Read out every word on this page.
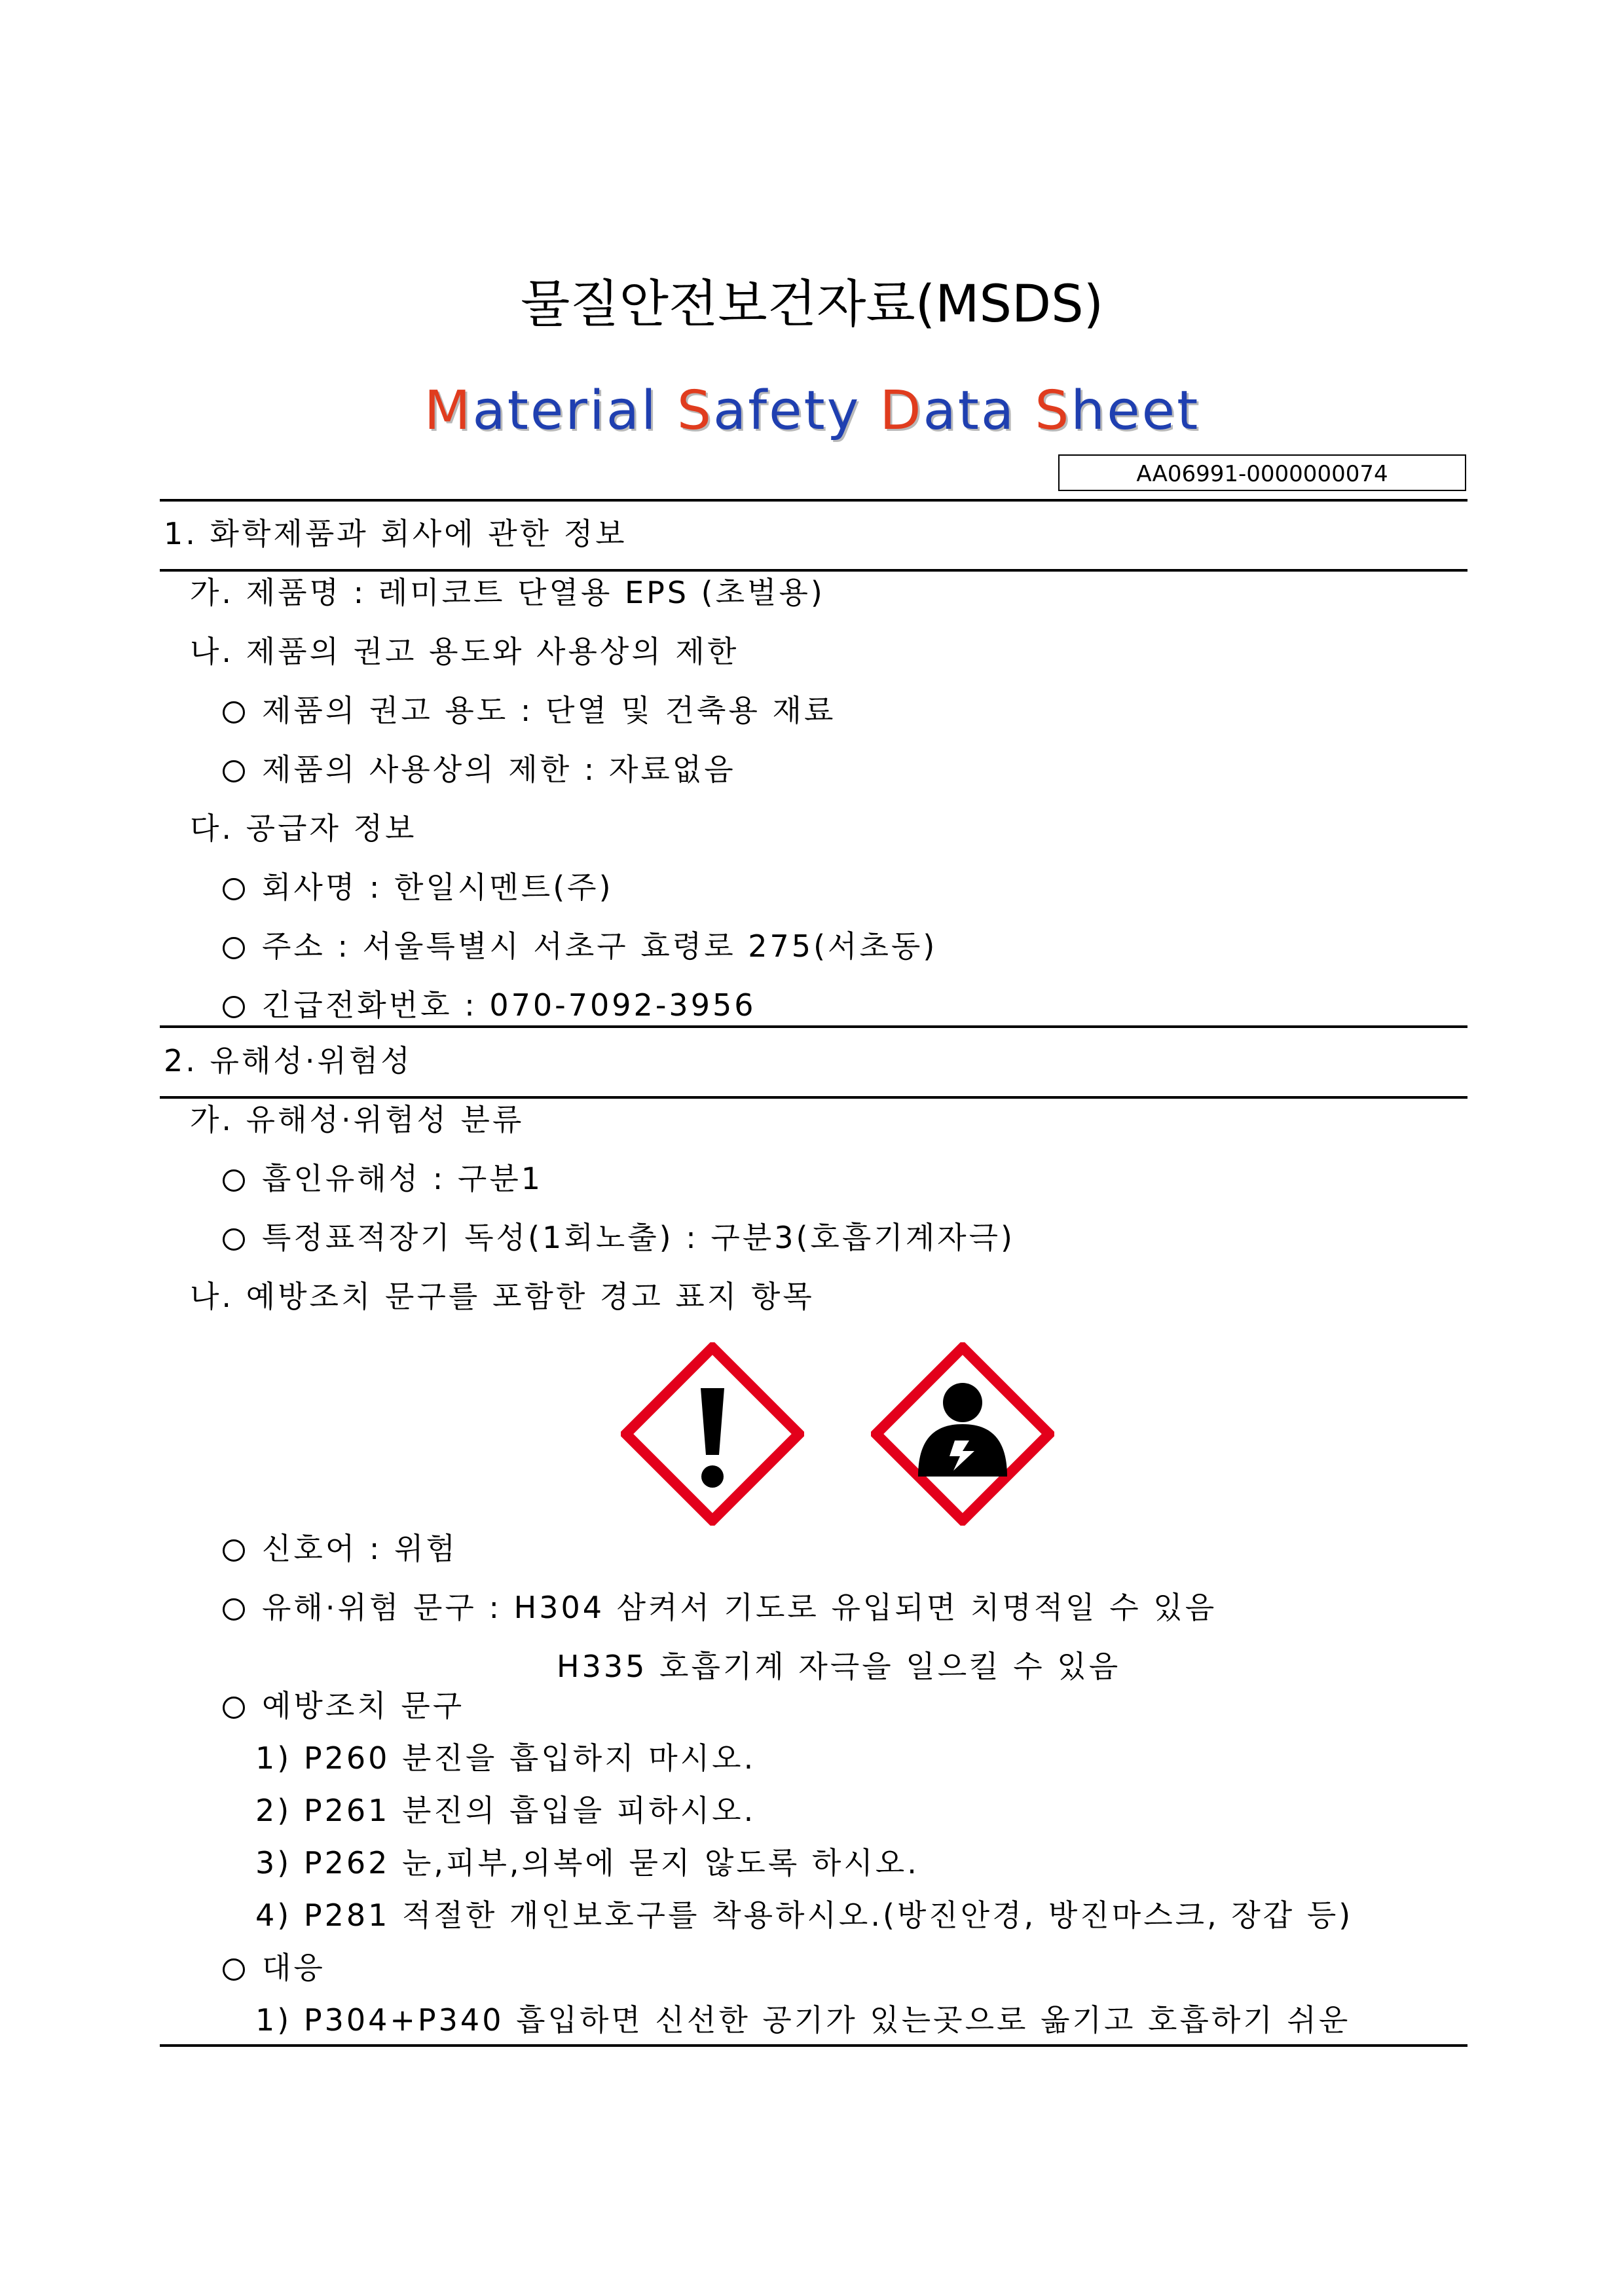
물질안전보건자료(MSDS)
Material Safety Data Sheet
AA06991-0000000074
1. 화학제품과 회사에 관한 정보
가. 제품명 : 레미코트 단열용 EPS (초벌용)
나. 제품의 권고 용도와 사용상의 제한
제품의 권고 용도 : 단열 및 건축용 재료
제품의 사용상의 제한 : 자료없음
다. 공급자 정보
회사명 : 한일시멘트(주)
주소 : 서울특별시 서초구 효령로 275(서초동)
긴급전화번호 : 070-7092-3956
2. 유해성·위험성
가. 유해성·위험성 분류
흡인유해성 : 구분1
특정표적장기 독성(1회노출) : 구분3(호흡기계자극)
나. 예방조치 문구를 포함한 경고 표지 항목
신호어 : 위험
유해·위험 문구 : H304 삼켜서 기도로 유입되면 치명적일 수 있음
H335 호흡기계 자극을 일으킬 수 있음
예방조치 문구
1) P260 분진을 흡입하지 마시오.
2) P261 분진의 흡입을 피하시오.
3) P262 눈,피부,의복에 묻지 않도록 하시오.
4) P281 적절한 개인보호구를 착용하시오.(방진안경, 방진마스크, 장갑 등)
대응
1) P304+P340 흡입하면 신선한 공기가 있는곳으로 옮기고 호흡하기 쉬운
